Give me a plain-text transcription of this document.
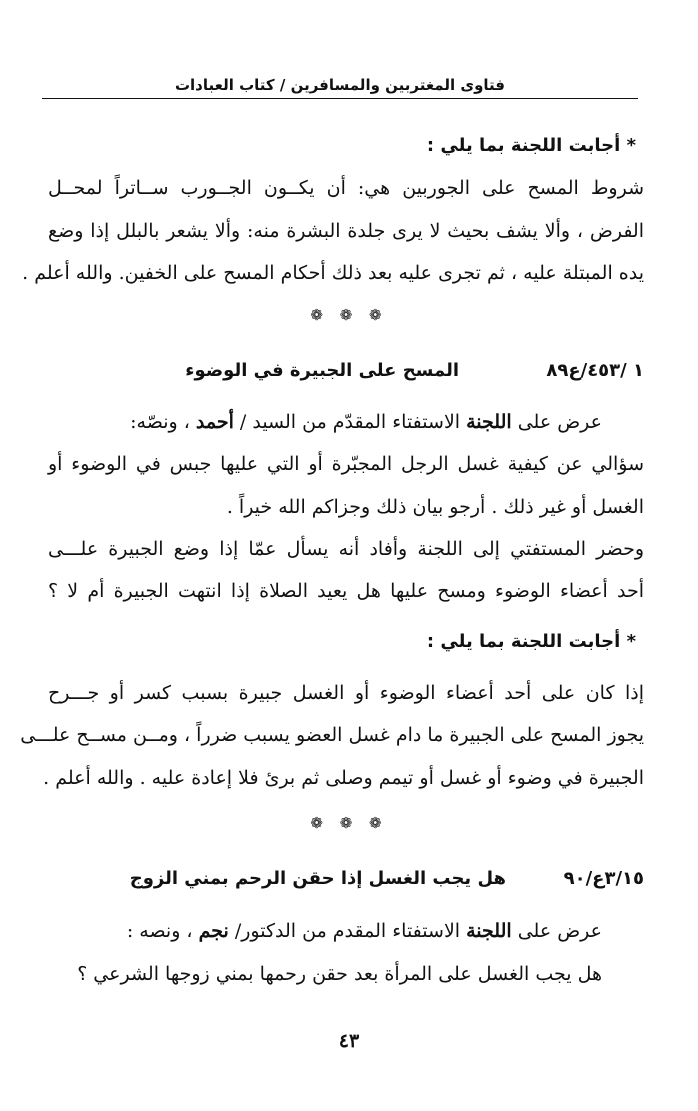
فتاوى المغتربين والمسافرين / كتاب العبادات

* أجابت اللجنة بما يلي :

شروط المسح على الجوربين هي: أن يكــون الجــورب ســاتراً لمحــل

الفرض ، وألا يشف بحيث لا يرى جلدة البشرة منه: وألا يشعر بالبلل إذا وضع

يده المبتلة عليه ، ثم تجرى عليه بعد ذلك أحكام المسح على الخفين. والله أعلم .

❁ ❁ ❁
١ /٤٥٣/ع٨٩
المسح على الجبيرة في الوضوء

عرض على اللجنة الاستفتاء المقدّم من السيد / أحمد ، ونصّه:

سؤالي عن كيفية غسل الرجل المجبّرة أو التي عليها جبس في الوضوء أو

الغسل أو غير ذلك . أرجو بيان ذلك وجزاكم الله خيراً .

وحضر المستفتي إلى اللجنة وأفاد أنه يسأل عمّا إذا وضع الجبيرة علـــى

أحد أعضاء الوضوء ومسح عليها هل يعيد الصلاة إذا انتهت الجبيرة أم لا ؟

* أجابت اللجنة بما يلي :

إذا كان على أحد أعضاء الوضوء أو الغسل جبيرة بسبب كسر أو جـــرح

يجوز المسح على الجبيرة ما دام غسل العضو يسبب ضرراً ، ومــن مســح علـــى

الجبيرة في وضوء أو غسل أو تيمم وصلى ثم برئ فلا إعادة عليه . والله أعلم .

❁ ❁ ❁
٣/١٥ع/٩٠
هل يجب الغسل إذا حقن الرحم بمني الزوج

عرض على اللجنة الاستفتاء المقدم من الدكتور/ نجم ، ونصه :

هل يجب الغسل على المرأة بعد حقن رحمها بمني زوجها الشرعي ؟

٤٣
